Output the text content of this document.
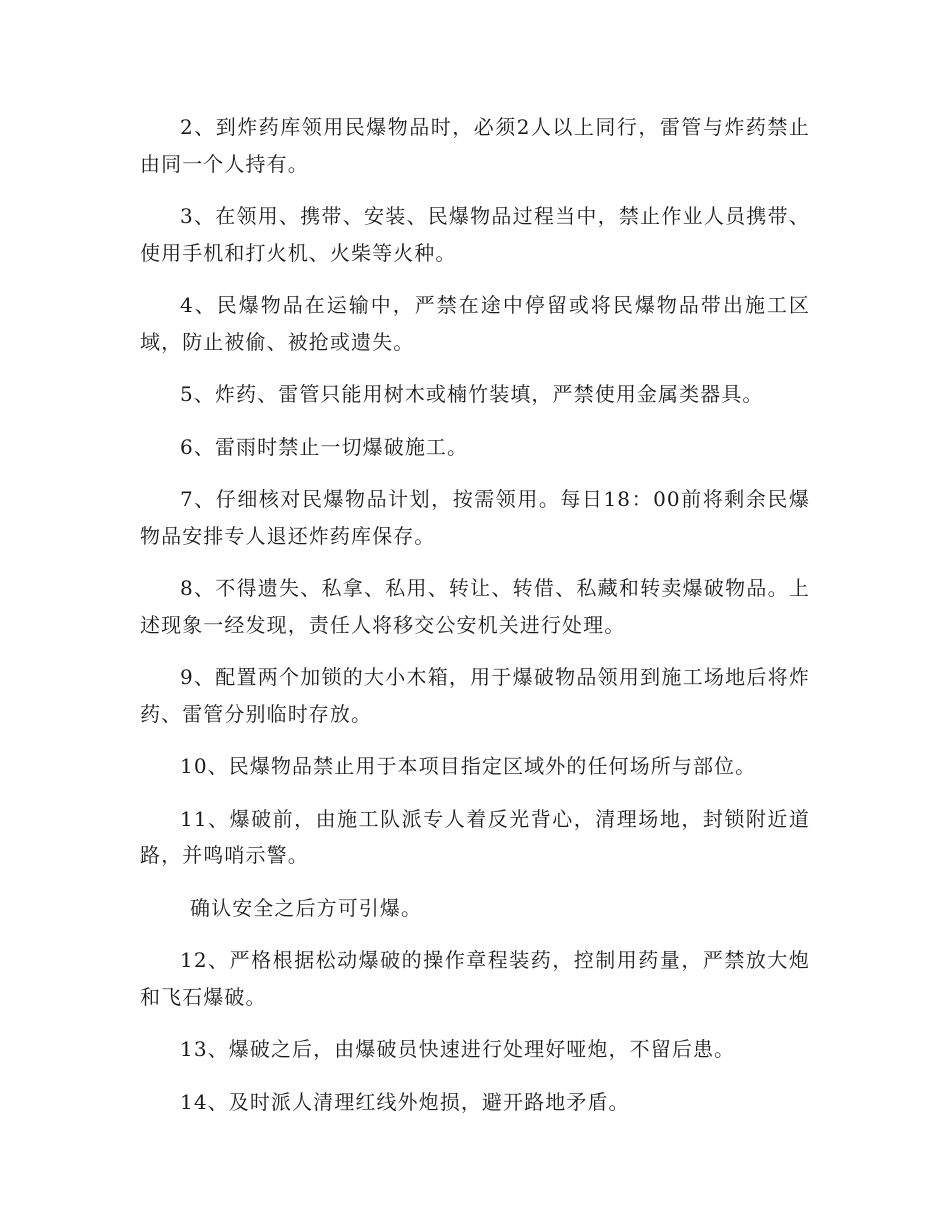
2、到炸药库领用民爆物品时，必须2人以上同行，雷管与炸药禁止由同一个人持有。

3、在领用、携带、安装、民爆物品过程当中，禁止作业人员携带、使用手机和打火机、火柴等火种。

4、民爆物品在运输中，严禁在途中停留或将民爆物品带出施工区域，防止被偷、被抢或遗失。

5、炸药、雷管只能用树木或楠竹装填，严禁使用金属类器具。

6、雷雨时禁止一切爆破施工。

7、仔细核对民爆物品计划，按需领用。每日18：00前将剩余民爆物品安排专人退还炸药库保存。

8、不得遗失、私拿、私用、转让、转借、私藏和转卖爆破物品。上述现象一经发现，责任人将移交公安机关进行处理。

9、配置两个加锁的大小木箱，用于爆破物品领用到施工场地后将炸药、雷管分别临时存放。

10、民爆物品禁止用于本项目指定区域外的任何场所与部位。

11、爆破前，由施工队派专人着反光背心，清理场地，封锁附近道路，并鸣哨示警。

确认安全之后方可引爆。

12、严格根据松动爆破的操作章程装药，控制用药量，严禁放大炮和飞石爆破。

13、爆破之后，由爆破员快速进行处理好哑炮，不留后患。

14、及时派人清理红线外炮损，避开路地矛盾。
